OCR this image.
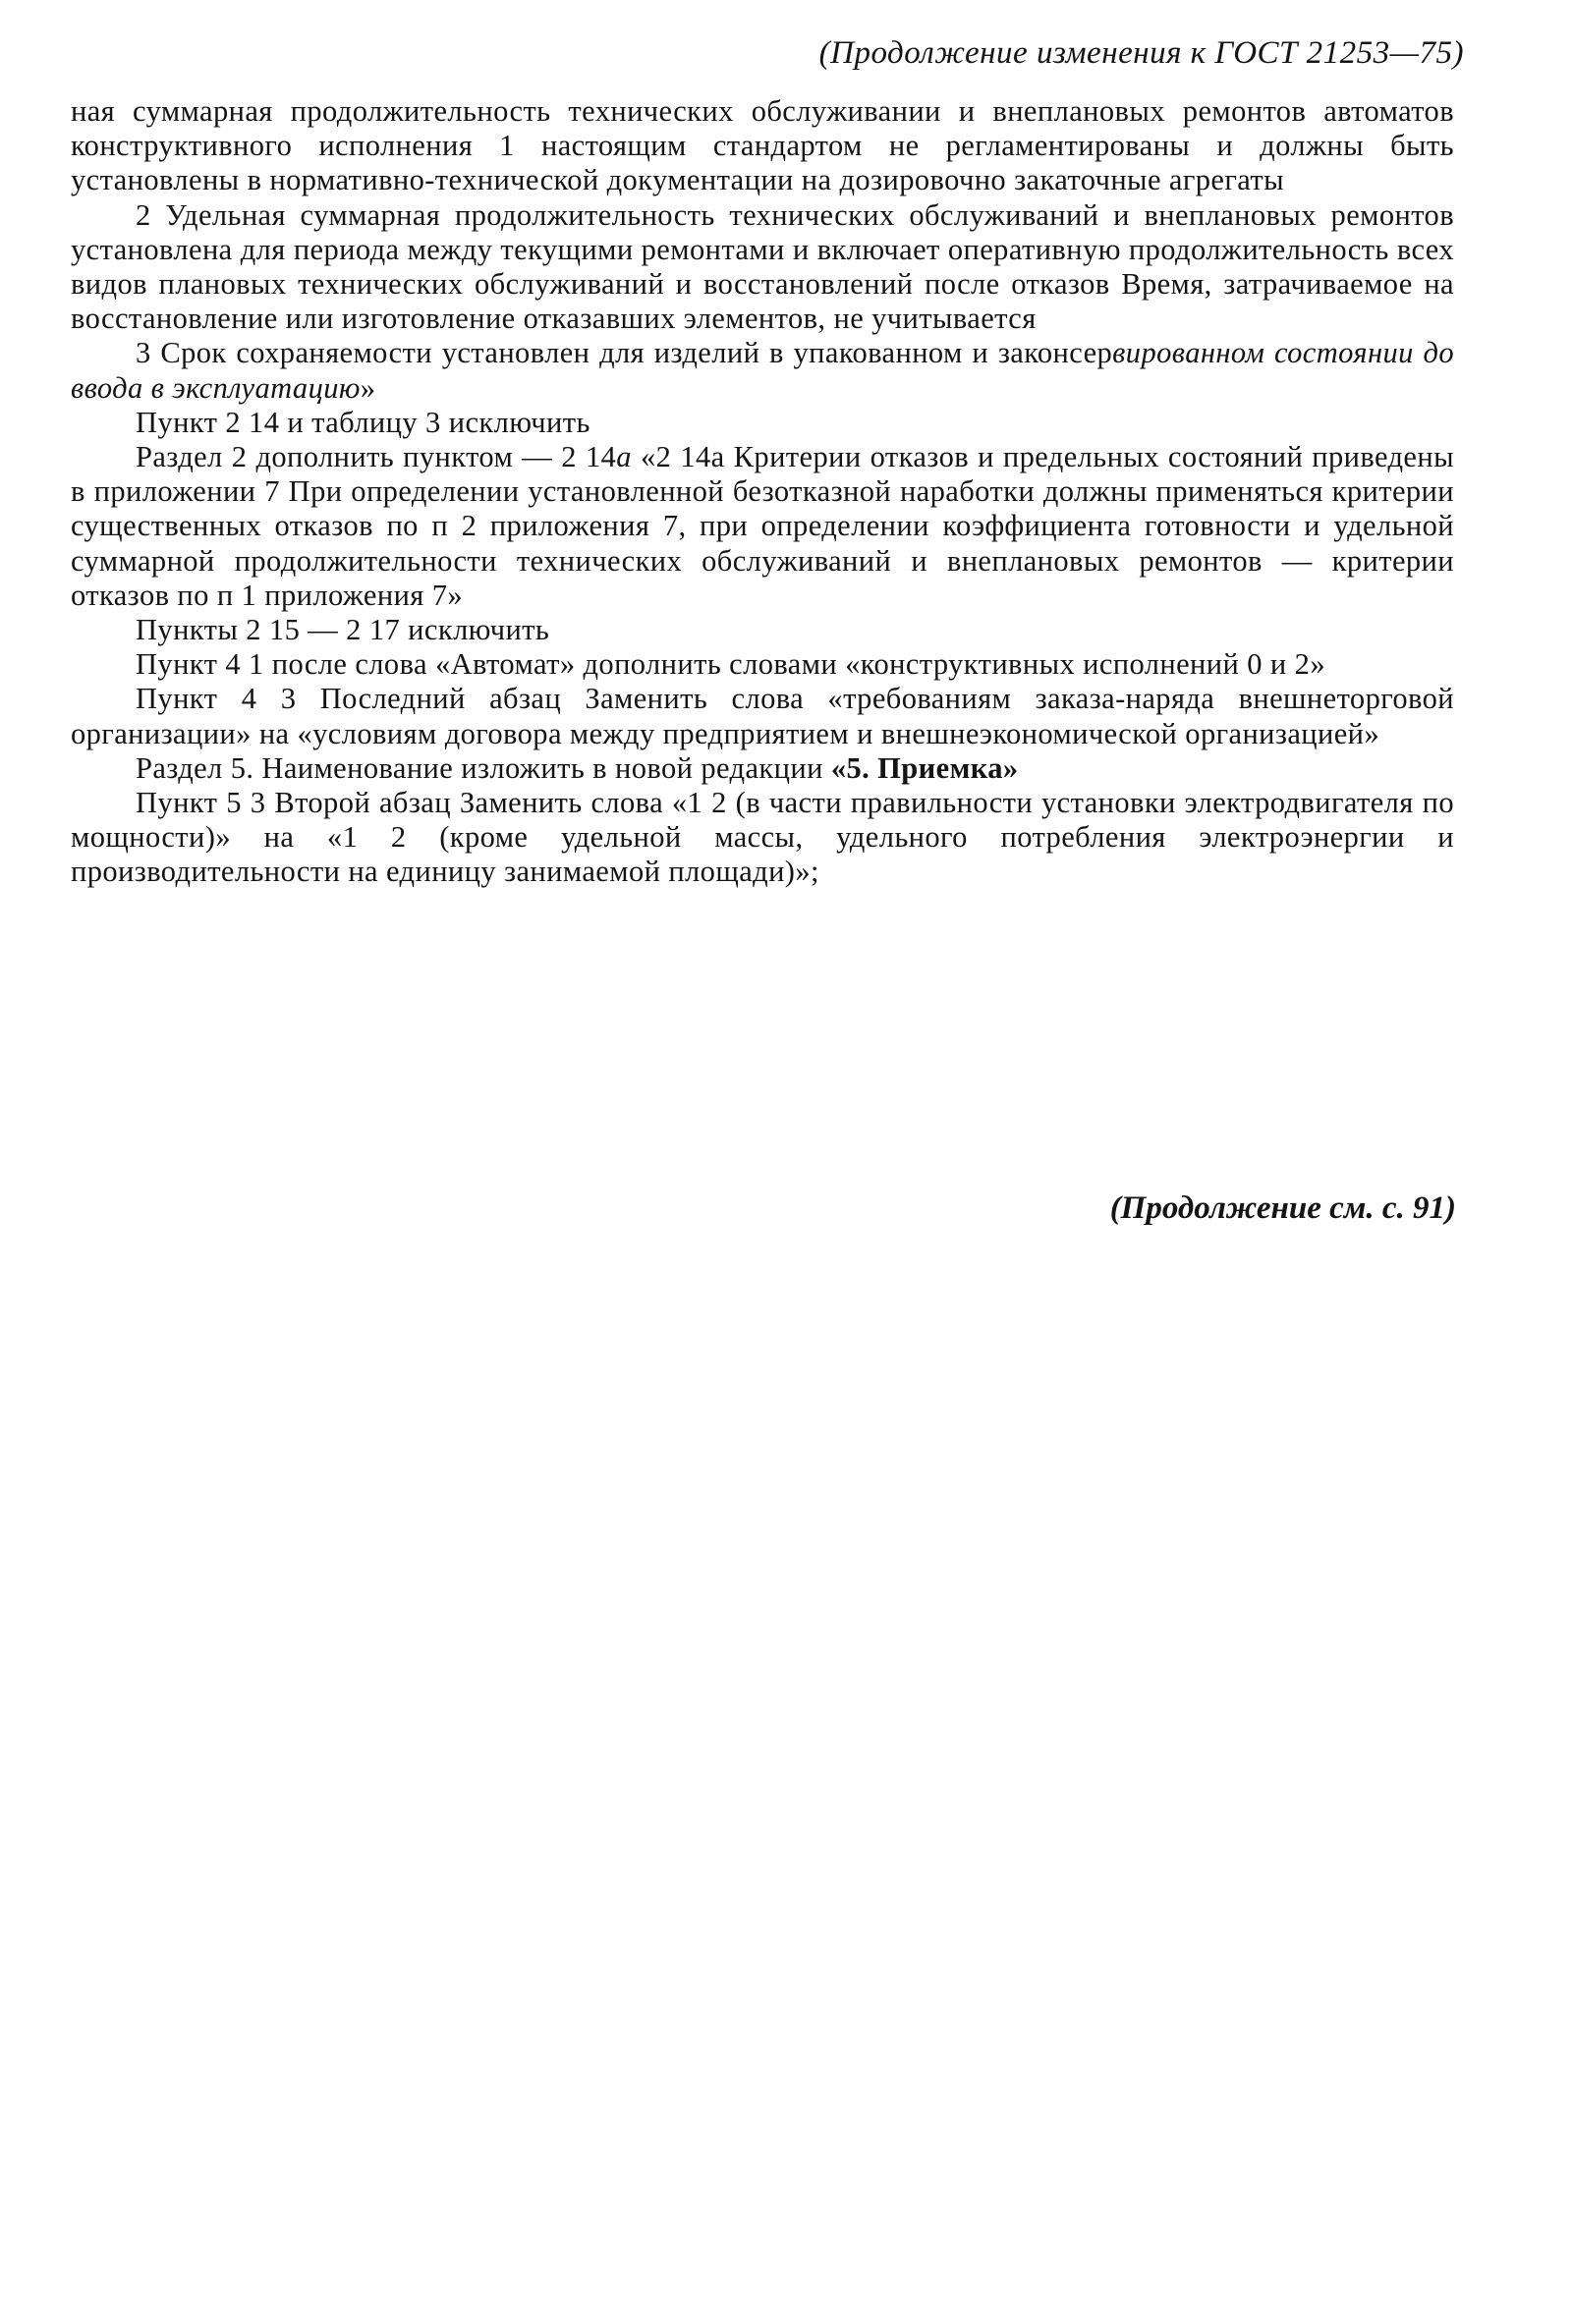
(Продолжение изменения к ГОСТ 21253—75)

ная суммарная продолжительность технических обслуживании и внеплановых ремонтов автоматов конструктивного исполнения 1 настоящим стандартом не регламентированы и должны быть установлены в нормативно-технической документации на дозировочно закаточные агрегаты

2 Удельная суммарная продолжительность технических обслуживаний и внеплановых ремонтов установлена для периода между текущими ремонтами и включает оперативную продолжительность всех видов плановых технических обслуживаний и восстановлений после отказов Время, затрачиваемое на восстановление или изготовление отказавших элементов, не учитывается

3 Срок сохраняемости установлен для изделий в упакованном и законсервированном состоянии до ввода в эксплуатацию»

Пункт 2 14 и таблицу 3 исключить

Раздел 2 дополнить пунктом — 2 14а «2 14а Критерии отказов и предельных состояний приведены в приложении 7 При определении установленной безотказной наработки должны применяться критерии существенных отказов по п 2 приложения 7, при определении коэффициента готовности и удельной суммарной продолжительности технических обслуживаний и внеплановых ремонтов — критерии отказов по п 1 приложения 7»

Пункты 2 15 — 2 17 исключить

Пункт 4 1 после слова «Автомат» дополнить словами «конструктивных исполнений 0 и 2»

Пункт 4 3 Последний абзац Заменить слова «требованиям заказа-наряда внешнеторговой организации» на «условиям договора между предприятием и внешнеэкономической организацией»

Раздел 5. Наименование изложить в новой редакции «5. Приемка»

Пункт 5 3 Второй абзац Заменить слова «1 2 (в части правильности установки электродвигателя по мощности)» на «1 2 (кроме удельной массы, удельного потребления электроэнергии и производительности на единицу занимаемой площади)»;

(Продолжение см. с. 91)
